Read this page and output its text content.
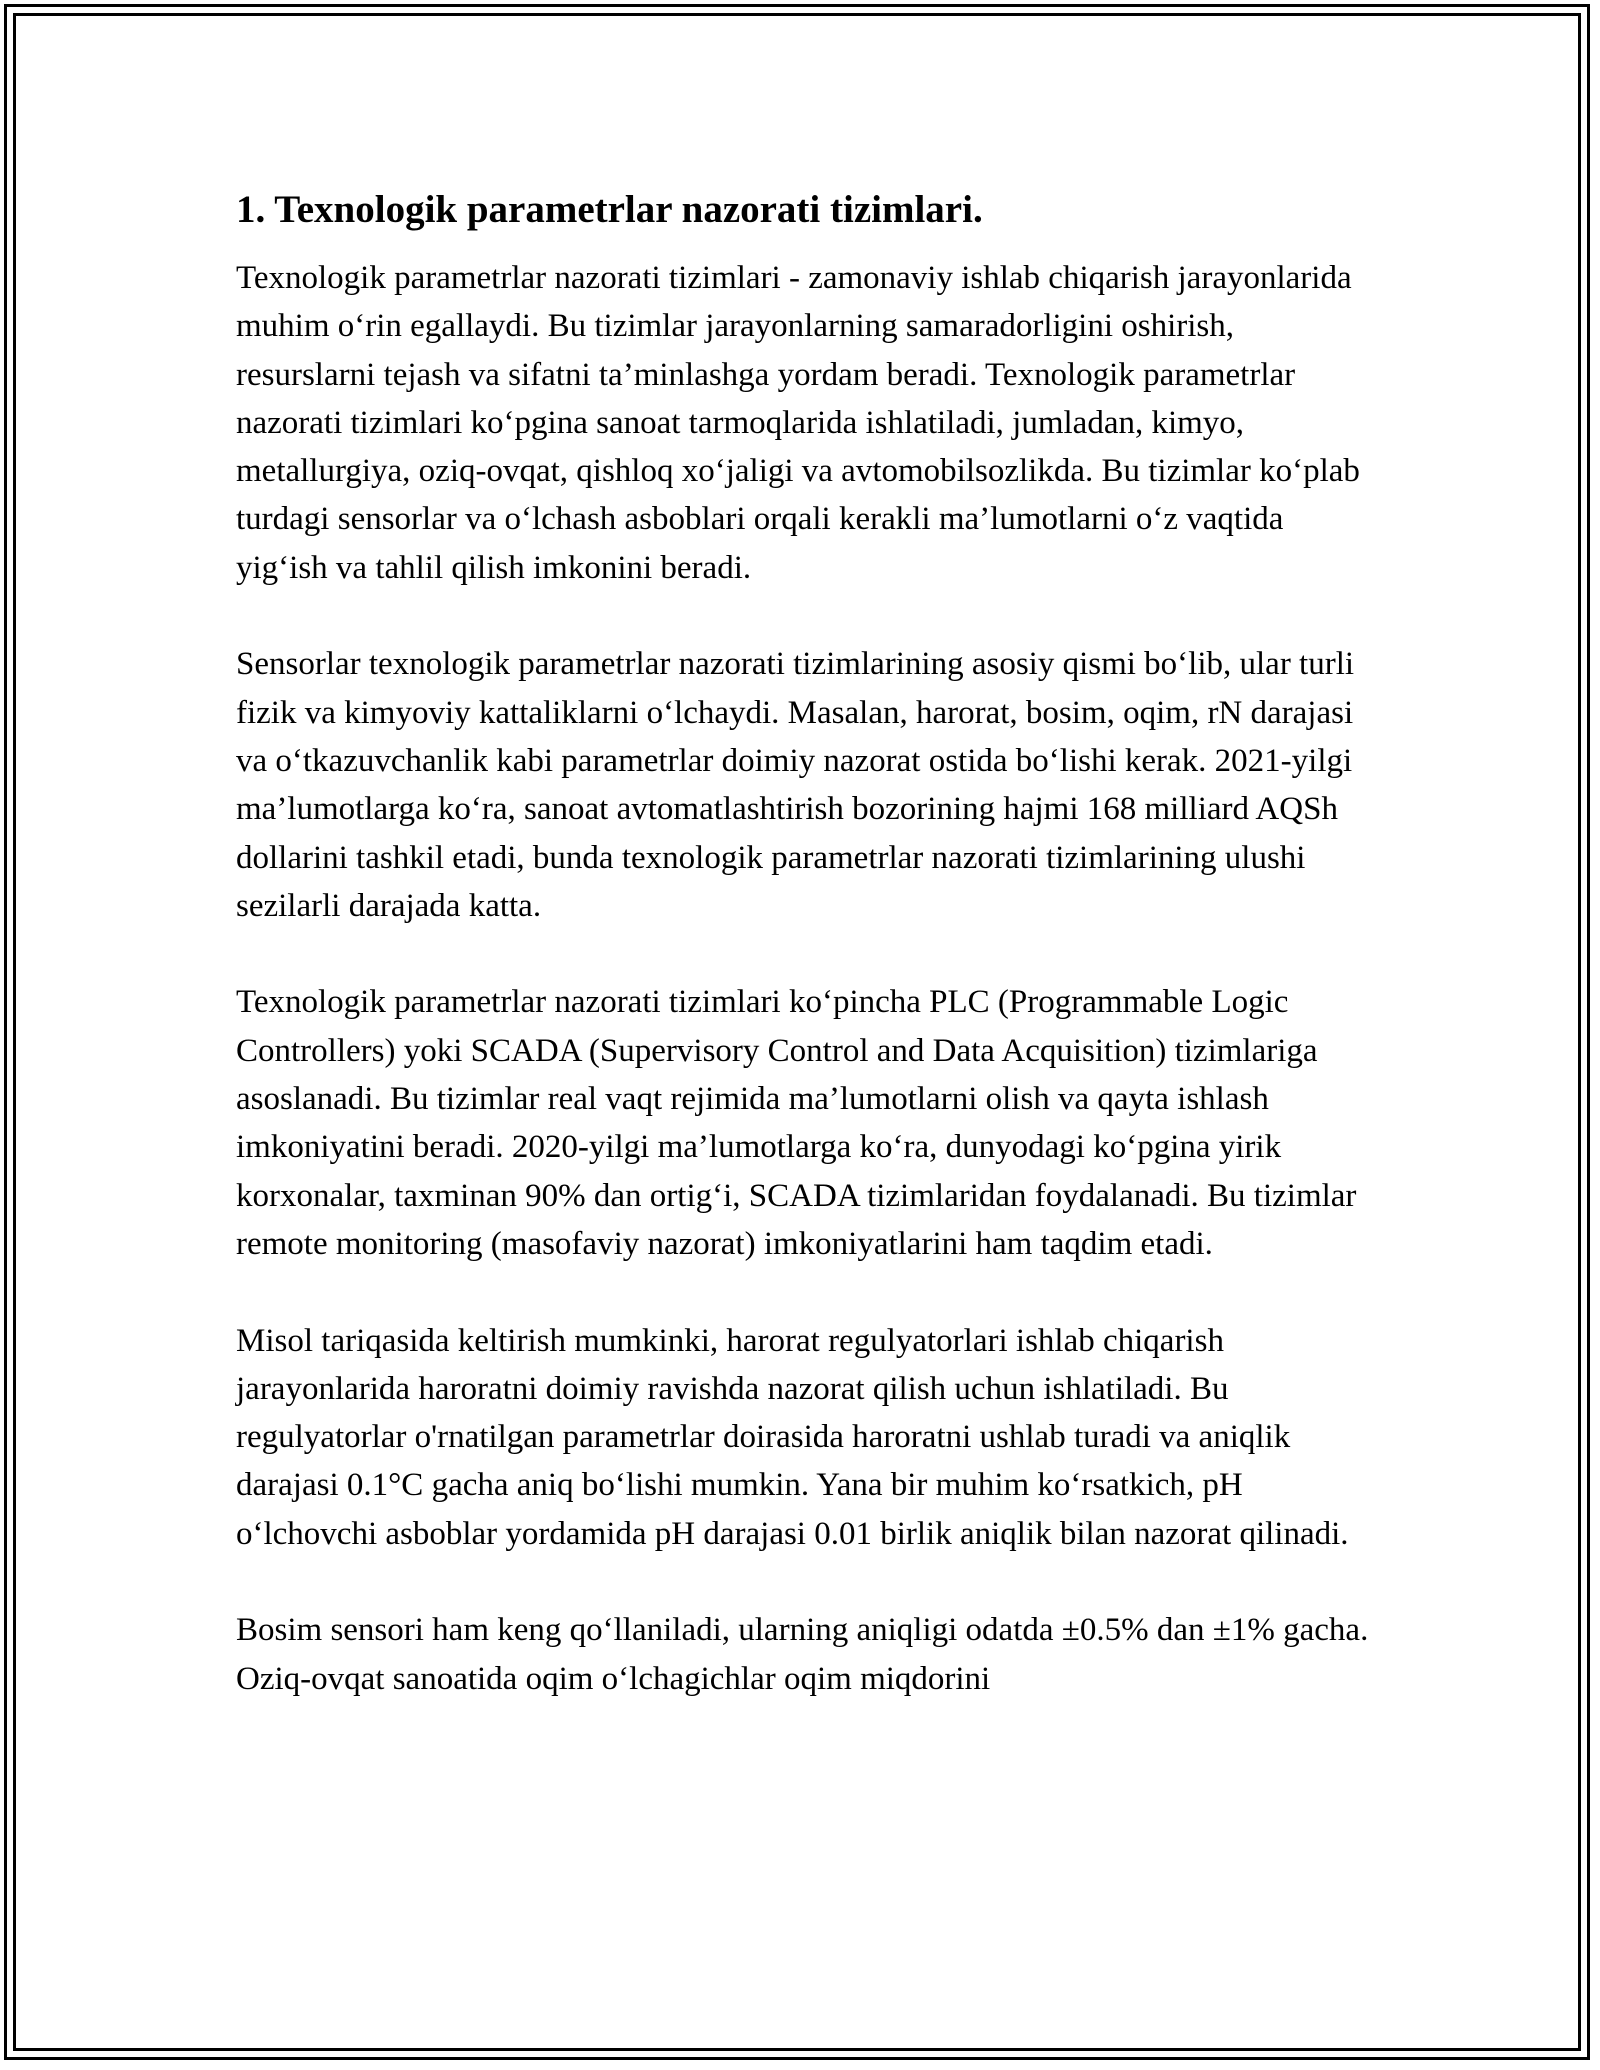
1. Texnologik parametrlar nazorati tizimlari.

Texnologik parametrlar nazorati tizimlari - zamonaviy ishlab chiqarish jarayonlarida muhim o‘rin egallaydi. Bu tizimlar jarayonlarning samaradorligini oshirish, resurslarni tejash va sifatni ta’minlashga yordam beradi. Texnologik parametrlar nazorati tizimlari ko‘pgina sanoat tarmoqlarida ishlatiladi, jumladan, kimyo, metallurgiya, oziq-ovqat, qishloq xo‘jaligi va avtomobilsozlikda. Bu tizimlar ko‘plab turdagi sensorlar va o‘lchash asboblari orqali kerakli ma’lumotlarni o‘z vaqtida yig‘ish va tahlil qilish imkonini beradi.

Sensorlar texnologik parametrlar nazorati tizimlarining asosiy qismi bo‘lib, ular turli fizik va kimyoviy kattaliklarni o‘lchaydi. Masalan, harorat, bosim, oqim, rN darajasi va o‘tkazuvchanlik kabi parametrlar doimiy nazorat ostida bo‘lishi kerak. 2021-yilgi ma’lumotlarga ko‘ra, sanoat avtomatlashtirish bozorining hajmi 168 milliard AQSh dollarini tashkil etadi, bunda texnologik parametrlar nazorati tizimlarining ulushi sezilarli darajada katta.

Texnologik parametrlar nazorati tizimlari ko‘pincha PLC (Programmable Logic Controllers) yoki SCADA (Supervisory Control and Data Acquisition) tizimlariga asoslanadi. Bu tizimlar real vaqt rejimida ma’lumotlarni olish va qayta ishlash imkoniyatini beradi. 2020-yilgi ma’lumotlarga ko‘ra, dunyodagi ko‘pgina yirik korxonalar, taxminan 90% dan ortig‘i, SCADA tizimlaridan foydalanadi. Bu tizimlar remote monitoring (masofaviy nazorat) imkoniyatlarini ham taqdim etadi.

Misol tariqasida keltirish mumkinki, harorat regulyatorlari ishlab chiqarish jarayonlarida haroratni doimiy ravishda nazorat qilish uchun ishlatiladi. Bu regulyatorlar o'rnatilgan parametrlar doirasida haroratni ushlab turadi va aniqlik darajasi 0.1°C gacha aniq bo‘lishi mumkin. Yana bir muhim ko‘rsatkich, pH o‘lchovchi asboblar yordamida pH darajasi 0.01 birlik aniqlik bilan nazorat qilinadi.

Bosim sensori ham keng qo‘llaniladi, ularning aniqligi odatda ±0.5% dan ±1% gacha. Oziq-ovqat sanoatida oqim o‘lchagichlar oqim miqdorini
